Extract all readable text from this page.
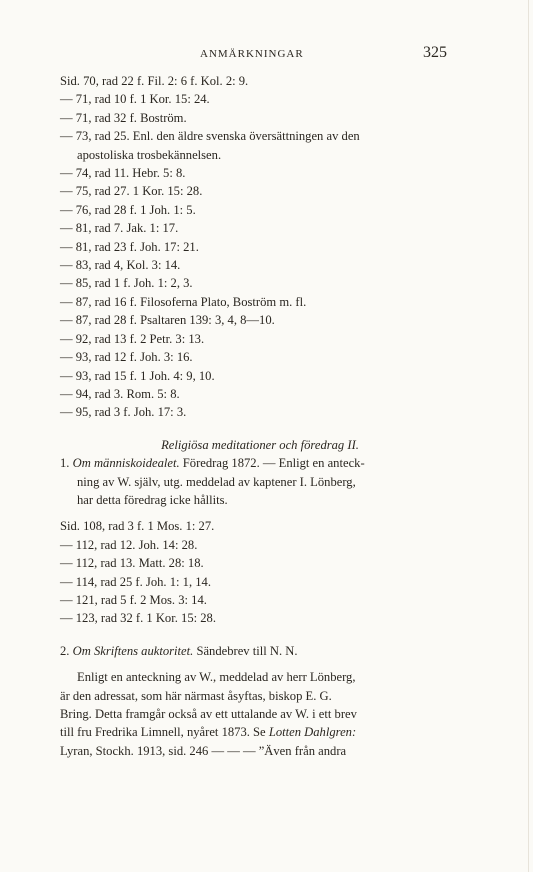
ANMÄRKNINGAR	325
Sid. 70, rad 22 f. Fil. 2: 6 f. Kol. 2: 9.
— 71, rad 10 f. 1 Kor. 15: 24.
— 71, rad 32 f. Boström.
— 73, rad 25. Enl. den äldre svenska översättningen av den
apostoliska trosbekännelsen.
— 74, rad 11. Hebr. 5: 8.
— 75, rad 27. 1 Kor. 15: 28.
— 76, rad 28 f. 1 Joh. 1: 5.
— 81, rad 7. Jak. 1: 17.
— 81, rad 23 f. Joh. 17: 21.
— 83, rad 4, Kol. 3: 14.
— 85, rad 1 f. Joh. 1: 2, 3.
— 87, rad 16 f. Filosoferna Plato, Boström m. fl.
— 87, rad 28 f. Psaltaren 139: 3, 4, 8—10.
— 92, rad 13 f. 2 Petr. 3: 13.
— 93, rad 12 f. Joh. 3: 16.
— 93, rad 15 f. 1 Joh. 4: 9, 10.
— 94, rad 3. Rom. 5: 8.
— 95, rad 3 f. Joh. 17: 3.
Religiösa meditationer och föredrag II.
1. Om människoidealet. Föredrag 1872. — Enligt en anteck-
ning av W. själv, utg. meddelad av kaptener I. Lönberg,
har detta föredrag icke hållits.
Sid. 108, rad 3 f. 1 Mos. 1: 27.
— 112, rad 12. Joh. 14: 28.
— 112, rad 13. Matt. 28: 18.
— 114, rad 25 f. Joh. 1: 1, 14.
— 121, rad 5 f. 2 Mos. 3: 14.
— 123, rad 32 f. 1 Kor. 15: 28.
2. Om Skriftens auktoritet. Sändebrev till N. N.
Enligt en anteckning av W., meddelad av herr Lönberg,
är den adressat, som här närmast åsyftas, biskop E. G.
Bring. Detta framgår också av ett uttalande av W. i ett brev
till fru Fredrika Limnell, nyåret 1873. Se Lotten Dahlgren:
Lyran, Stockh. 1913, sid. 246 — — — ”Även från andra
